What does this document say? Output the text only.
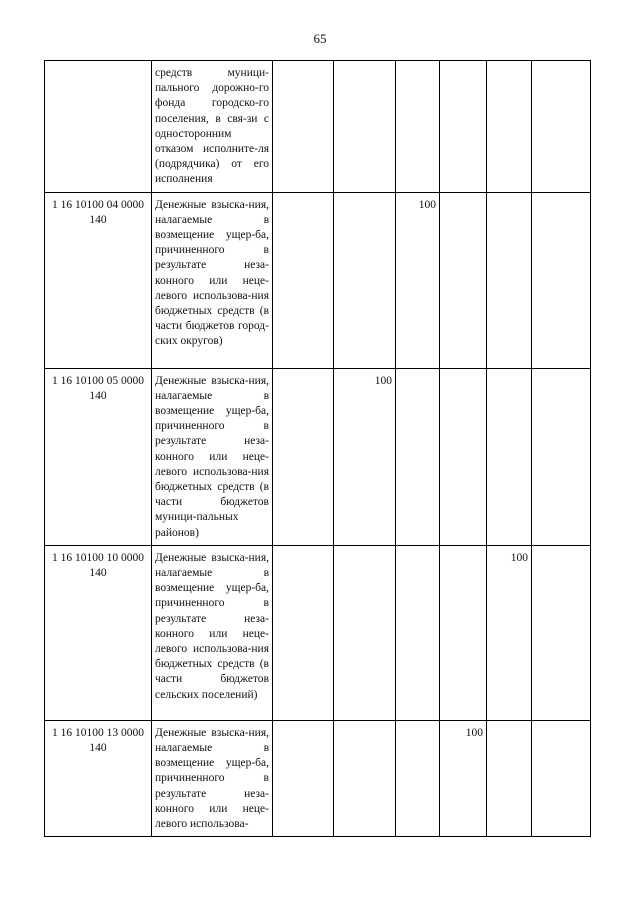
65
	средств муници-пального дорожно-го фонда городско-го поселения, в свя-зи с односторонним отказом исполните-ля (подрядчика) от его исполнения						
1 16 10100 04 0000 140	Денежные взыска-ния, налагаемые в возмещение ущер-ба, причиненного в результате неза-конного или неце-левого использова-ния бюджетных средств (в части бюджетов город-ских округов)			100			
1 16 10100 05 0000 140	Денежные взыска-ния, налагаемые в возмещение ущер-ба, причиненного в результате неза-конного или неце-левого использова-ния бюджетных средств (в части бюджетов муници-пальных районов)		100				
1 16 10100 10 0000 140	Денежные взыска-ния, налагаемые в возмещение ущер-ба, причиненного в результате неза-конного или неце-левого использова-ния бюджетных средств (в части бюджетов сельских поселений)					100	
1 16 10100 13 0000 140	Денежные взыска-ния, налагаемые в возмещение ущер-ба, причиненного в результате неза-конного или неце-левого использова-				100		
